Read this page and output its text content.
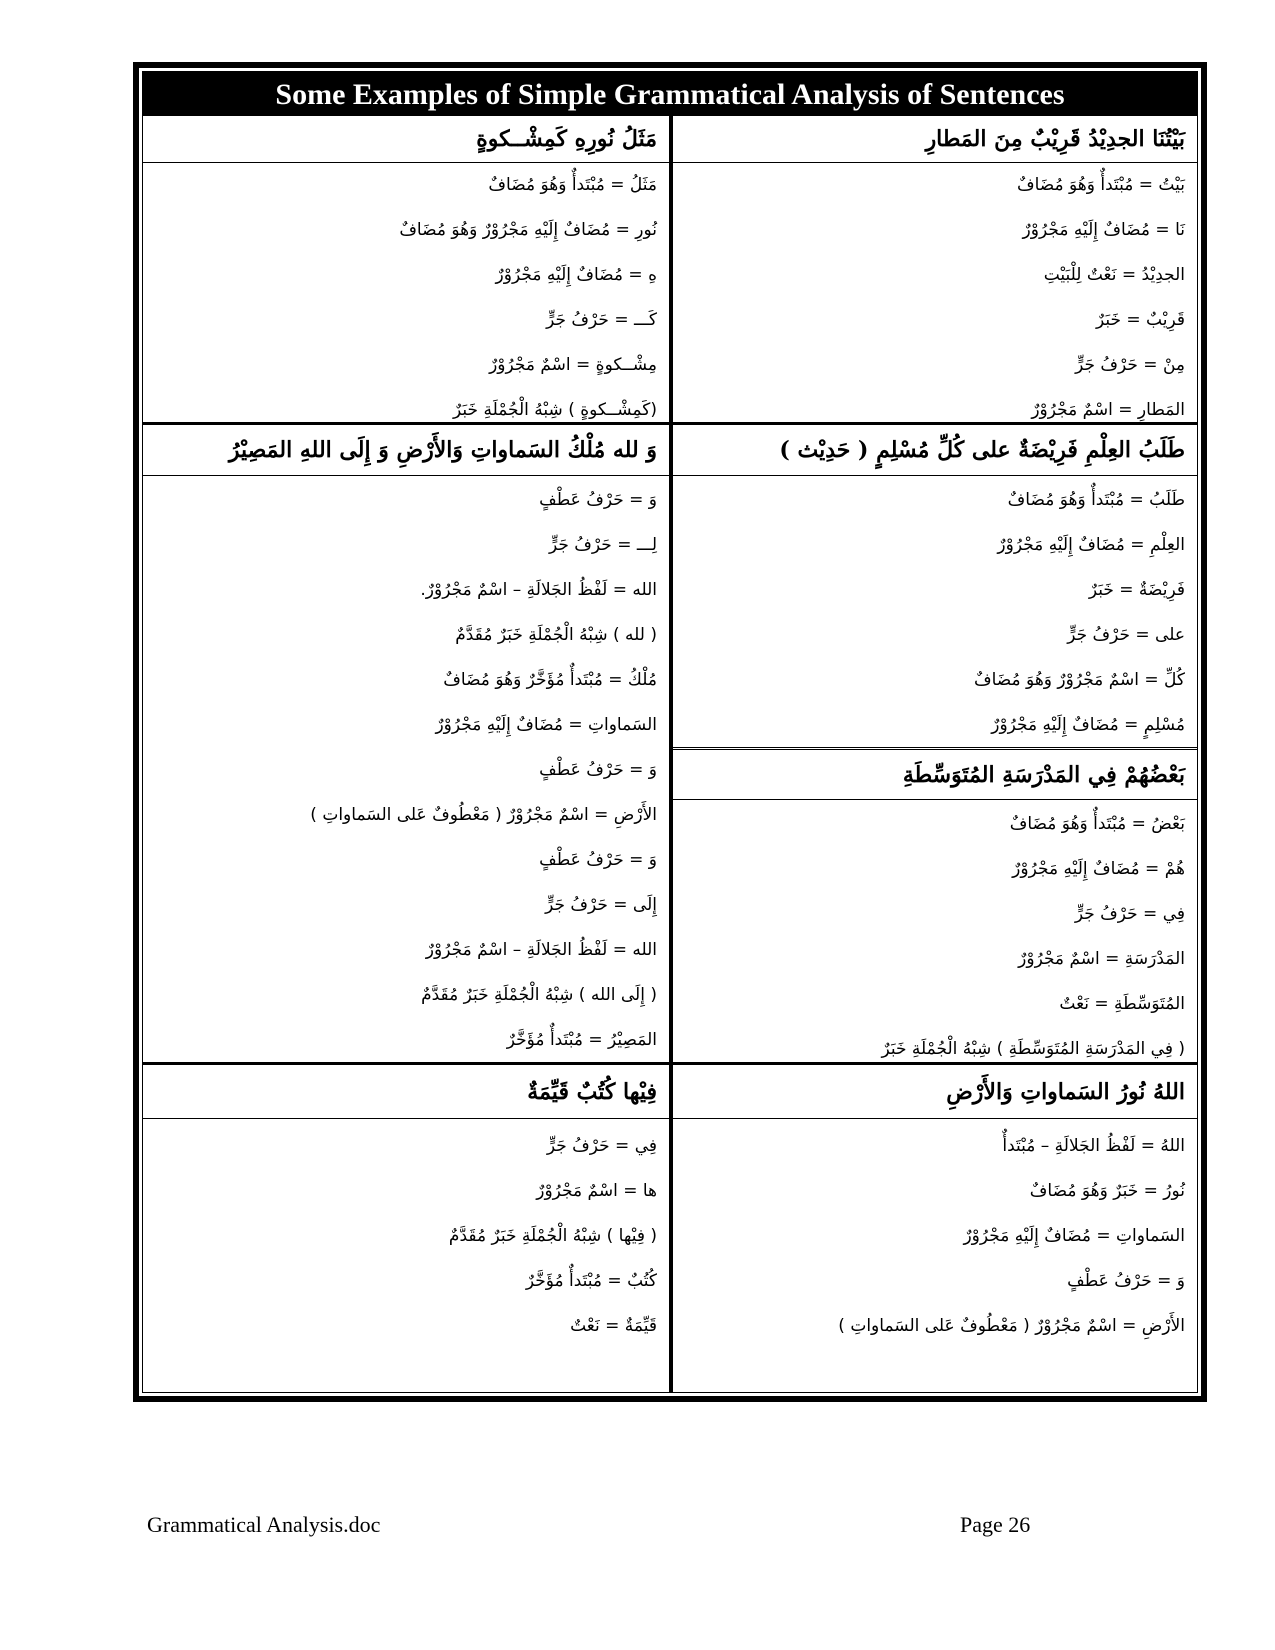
Some Examples of Simple Grammatical Analysis of Sentences
بَيْتُنَا الجدِيْدُ قَرِيْبٌ مِنَ المَطارِ
بَيْتُ = مُبْتَدأٌ وَهُوَ مُضَافٌ
نَا = مُضَافٌ إِلَيْهِ مَجْرُوْرٌ
الجدِيْدُ = نَعْتٌ لِلْبَيْتِ
قَرِيْبٌ = خَبَرٌ
مِنْ = حَرْفُ جَرٍّ
المَطارِ = اسْمٌ مَجْرُوْرٌ
طَلَبُ العِلْمِ فَرِيْضَةٌ على كُلِّ مُسْلِمٍ ( حَدِيْث )
طَلَبُ = مُبْتَدأٌ وَهُوَ مُضَافٌ
العِلْمِ = مُضَافٌ إِلَيْهِ مَجْرُوْرٌ
فَرِيْضَةٌ = خَبَرٌ
على = حَرْفُ جَرٍّ
كُلِّ = اسْمٌ مَجْرُوْرٌ وَهُوَ مُضَافٌ
مُسْلِمٍ = مُضَافٌ إِلَيْهِ مَجْرُوْرٌ
بَعْضُهُمْ فِي المَدْرَسَةِ المُتَوَسِّطَةِ
بَعْضُ = مُبْتَدأٌ وَهُوَ مُضَافٌ
هُمْ = مُضَافٌ إِلَيْهِ مَجْرُوْرٌ
فِي = حَرْفُ جَرٍّ
المَدْرَسَةِ = اسْمٌ مَجْرُوْرٌ
المُتَوَسِّطَةِ = نَعْتٌ
( فِي المَدْرَسَةِ المُتَوَسِّطَةِ ) شِبْهُ الْجُمْلَةِ خَبَرٌ
اللهُ نُورُ السَماواتِ وَالأَرْضِ
اللهُ = لَفْظُ الجَلالَةِ – مُبْتَدأٌ
نُورُ = خَبَرٌ وَهُوَ مُضَافٌ
السَماواتِ = مُضَافٌ إِلَيْهِ مَجْرُوْرٌ
وَ = حَرْفُ عَطْفٍ
الأَرْضِ = اسْمٌ مَجْرُوْرٌ ( مَعْطُوفٌ عَلى السَماواتِ )
مَثَلُ نُورِهِ كَمِشْــكوةٍ
مَثَلُ = مُبْتَدأٌ وَهُوَ مُضَافٌ
نُورِ = مُضَافٌ إِلَيْهِ مَجْرُوْرٌ وَهُوَ مُضَافٌ
هِ = مُضَافٌ إِلَيْهِ مَجْرُوْرٌ
كَـــ = حَرْفُ جَرٍّ
مِشْــكوةٍ = اسْمٌ مَجْرُوْرٌ
(كَمِشْــكوةٍ ) شِبْهُ الْجُمْلَةِ خَبَرٌ
وَ لله مُلْكُ السَماواتِ وَالأَرْضِ وَ إِلَى اللهِ المَصِيْرُ
وَ = حَرْفُ عَطْفٍ
لِـــ = حَرْفُ جَرٍّ
الله = لَفْظُ الجَلالَةِ – اسْمٌ مَجْرُوْرٌ.
( لله ) شِبْهُ الْجُمْلَةِ خَبَرٌ مُقَدَّمٌ
مُلْكُ = مُبْتَدأٌ مُؤَخَّرٌ وَهُوَ مُضَافٌ
السَماواتِ = مُضَافٌ إِلَيْهِ مَجْرُوْرٌ
وَ = حَرْفُ عَطْفٍ
الأَرْضِ = اسْمٌ مَجْرُوْرٌ ( مَعْطُوفٌ عَلى السَماواتِ )
وَ = حَرْفُ عَطْفٍ
إِلَى = حَرْفُ جَرٍّ
الله = لَفْظُ الجَلالَةِ – اسْمٌ مَجْرُوْرٌ
( إِلَى الله ) شِبْهُ الْجُمْلَةِ خَبَرٌ مُقَدَّمٌ
المَصِيْرُ = مُبْتَدأٌ مُؤَخَّرٌ
فِيْها كُتُبٌ قَيِّمَةٌ
فِي = حَرْفُ جَرٍّ
ها = اسْمٌ مَجْرُوْرٌ
( فِيْها ) شِبْهُ الْجُمْلَةِ خَبَرٌ مُقَدَّمٌ
كُتُبٌ = مُبْتَدأٌ مُؤَخَّرٌ
قَيِّمَةٌ = نَعْتٌ
Grammatical Analysis.doc	Page 26
